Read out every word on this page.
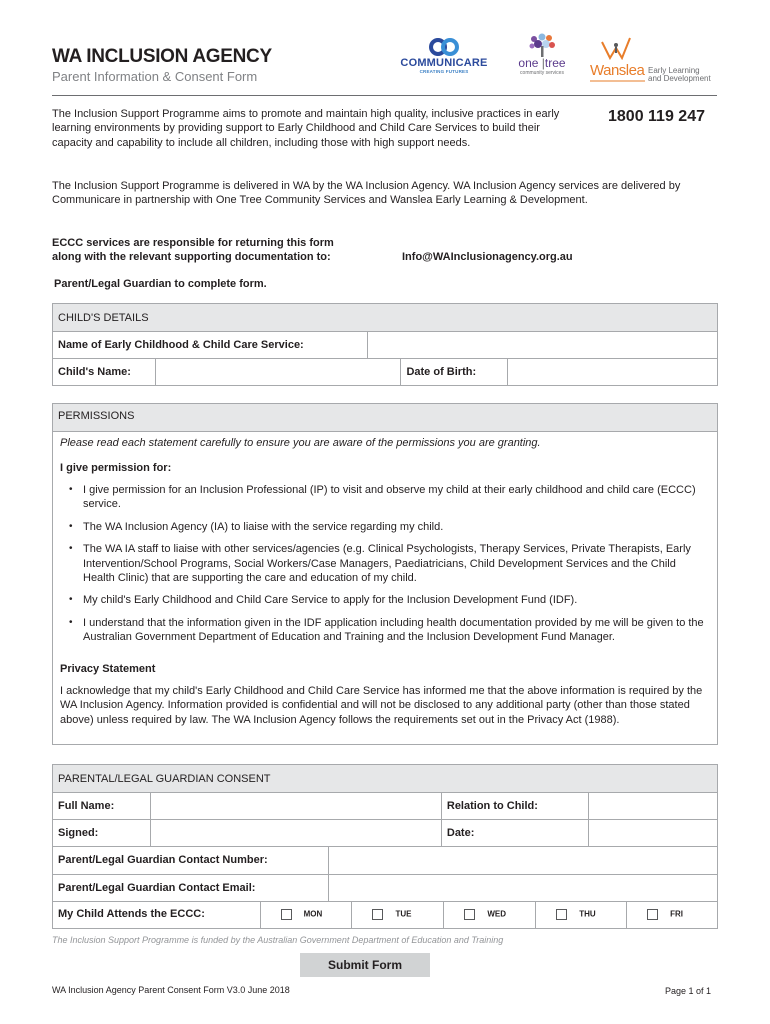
WA INCLUSION AGENCY
Parent Information & Consent Form
COMMUNICARE
CREATING FUTURES
one |tree
community services	Wanslea Early Learning
and Development
The Inclusion Support Programme aims to promote and maintain high quality, inclusive practices in early learning environments by providing support to Early Childhood and Child Care Services to build their capacity and capability to include all children, including those with high support needs.
1800 119 247
The Inclusion Support Programme is delivered in WA by the WA Inclusion Agency. WA Inclusion Agency services are delivered by Communicare in partnership with One Tree Community Services and Wanslea Early Learning & Development.
ECCC services are responsible for returning this form
along with the relevant supporting documentation to:	Info@WAInclusionagency.org.au
Parent/Legal Guardian to complete form.
CHILD'S DETAILS				
Name of Early Childhood & Child Care Service:				
Child's Name:			Date of Birth:	
PERMISSIONS
Please read each statement carefully to ensure you are aware of the permissions you are granting.
I give permission for:
• I give permission for an Inclusion Professional (IP) to visit and observe my child at their early childhood and child care (ECCC) service.
• The WA Inclusion Agency (IA) to liaise with the service regarding my child.
• The WA IA staff to liaise with other services/agencies (e.g. Clinical Psychologists, Therapy Services, Private Therapists, Early Intervention/School Programs, Social Workers/Case Managers, Paediatricians, Child Development Services and the Child Health Clinic) that are supporting the care and education of my child.
• My child's Early Childhood and Child Care Service to apply for the Inclusion Development Fund (IDF).
• I understand that the information given in the IDF application including health documentation provided by me will be given to the Australian Government Department of Education and Training and the Inclusion Development Fund Manager.
Privacy Statement
I acknowledge that my child's Early Childhood and Child Care Service has informed me that the above information is required by the WA Inclusion Agency. Information provided is confidential and will not be disclosed to any additional party (other than those stated above) unless required by law. The WA Inclusion Agency follows the requirements set out in the Privacy Act (1988).
PARENTAL/LEGAL GUARDIAN CONSENT			
Full Name:		Relation to Child:	
Signed:		Date:	
Parent/Legal Guardian Contact Number:	
Parent/Legal Guardian Contact Email:	
My Child Attends the ECCC:	MON	TUE	WED	THU	FRI
The Inclusion Support Programme is funded by the Australian Government Department of Education and Training
Submit Form
WA Inclusion Agency Parent Consent Form V3.0 June 2018	Page 1 of 1
